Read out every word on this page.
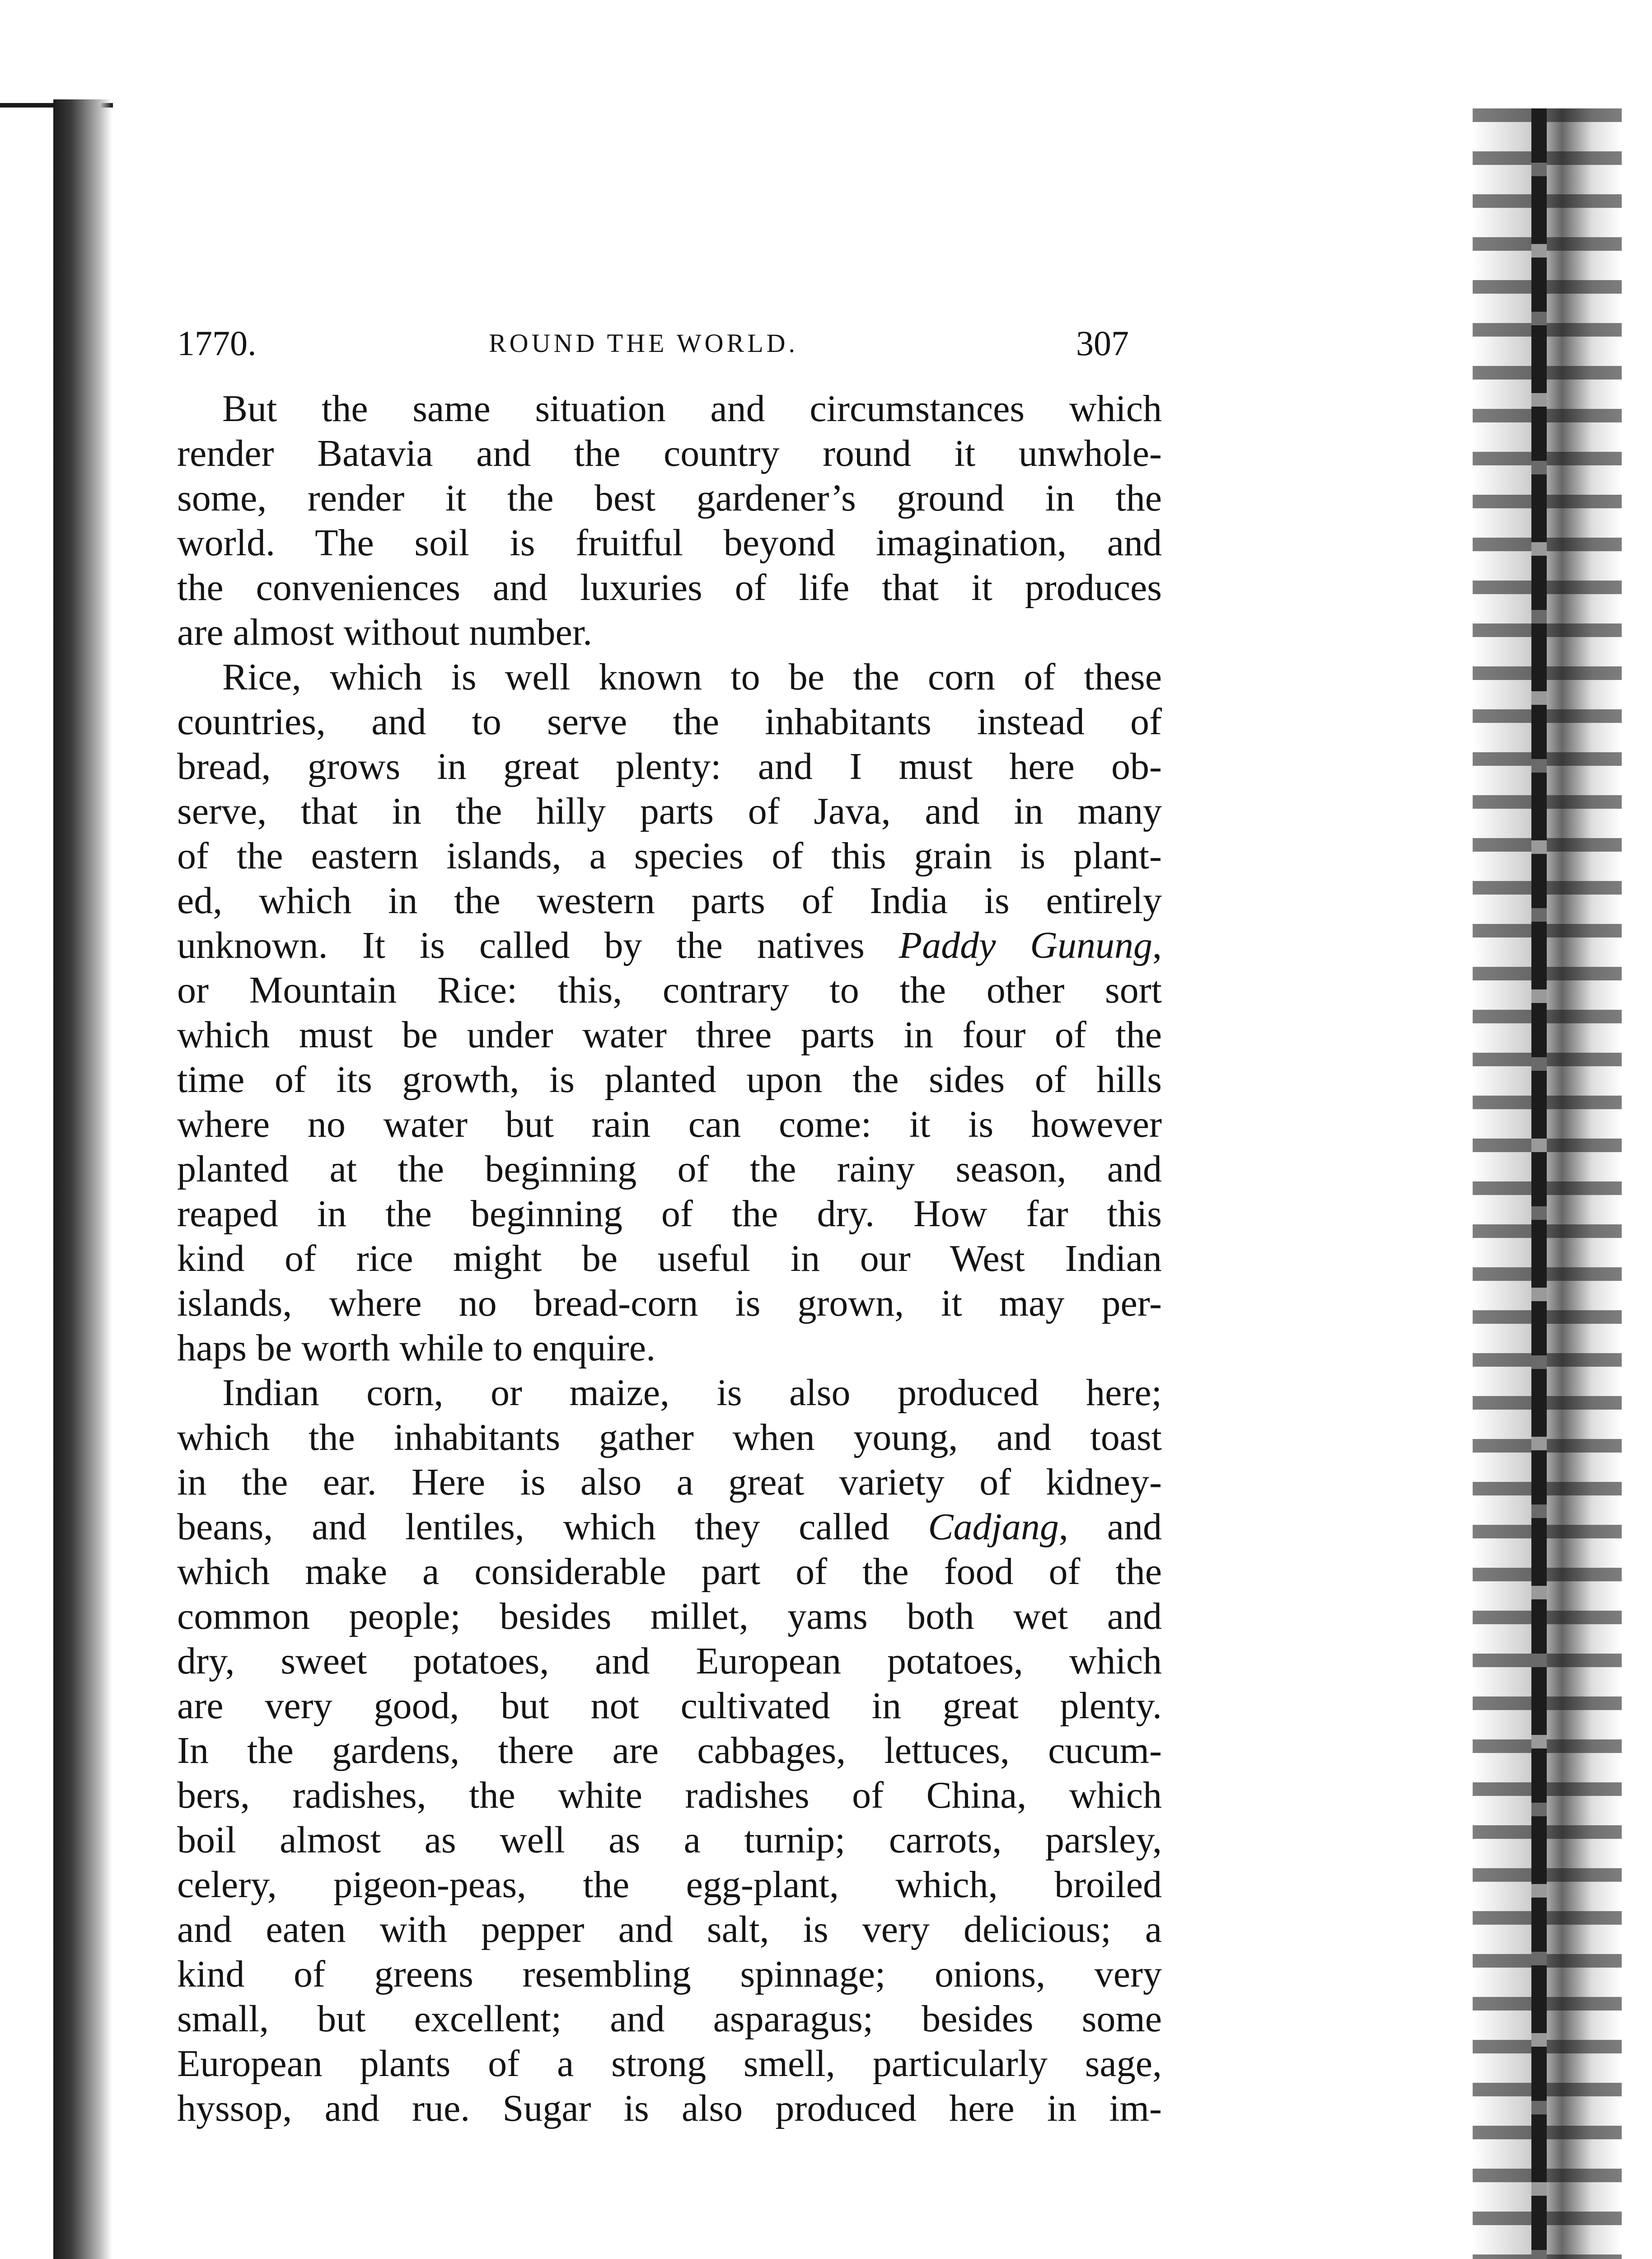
1770.	ROUND THE WORLD.	307
But the same situation and circumstances which
render Batavia and the country round it unwhole-
some, render it the best gardener’s ground in the
world. The soil is fruitful beyond imagination, and
the conveniences and luxuries of life that it produces
are almost without number.
Rice, which is well known to be the corn of these
countries, and to serve the inhabitants instead of
bread, grows in great plenty: and I must here ob-
serve, that in the hilly parts of Java, and in many
of the eastern islands, a species of this grain is plant-
ed, which in the western parts of India is entirely
unknown. It is called by the natives Paddy Gunung,
or Mountain Rice: this, contrary to the other sort
which must be under water three parts in four of the
time of its growth, is planted upon the sides of hills
where no water but rain can come: it is however
planted at the beginning of the rainy season, and
reaped in the beginning of the dry. How far this
kind of rice might be useful in our West Indian
islands, where no bread-corn is grown, it may per-
haps be worth while to enquire.
Indian corn, or maize, is also produced here;
which the inhabitants gather when young, and toast
in the ear. Here is also a great variety of kidney-
beans, and lentiles, which they called Cadjang, and
which make a considerable part of the food of the
common people; besides millet, yams both wet and
dry, sweet potatoes, and European potatoes, which
are very good, but not cultivated in great plenty.
In the gardens, there are cabbages, lettuces, cucum-
bers, radishes, the white radishes of China, which
boil almost as well as a turnip; carrots, parsley,
celery, pigeon-peas, the egg-plant, which, broiled
and eaten with pepper and salt, is very delicious; a
kind of greens resembling spinnage; onions, very
small, but excellent; and asparagus; besides some
European plants of a strong smell, particularly sage,
hyssop, and rue. Sugar is also produced here in im-
